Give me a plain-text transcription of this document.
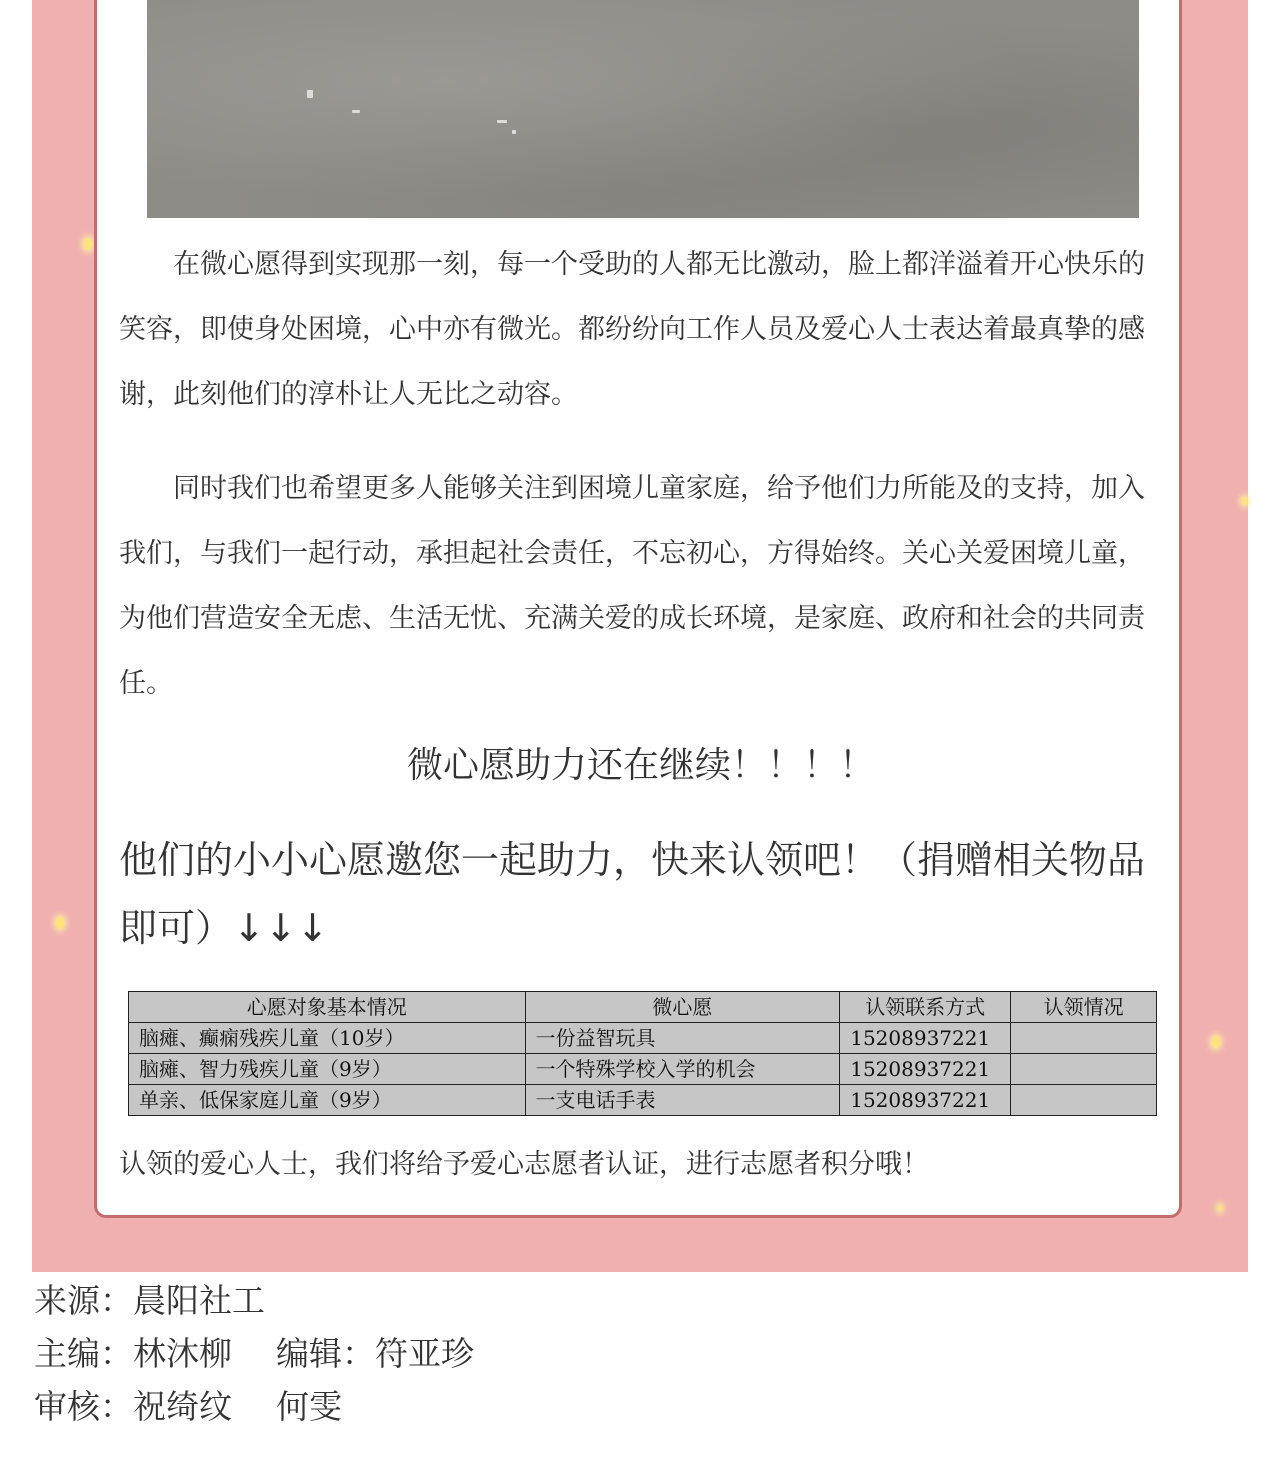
在微心愿得到实现那一刻，每一个受助的人都无比激动，脸上都洋溢着开心快乐的笑容，即使身处困境，心中亦有微光。都纷纷向工作人员及爱心人士表达着最真挚的感谢，此刻他们的淳朴让人无比之动容。

同时我们也希望更多人能够关注到困境儿童家庭，给予他们力所能及的支持，加入我们，与我们一起行动，承担起社会责任，不忘初心，方得始终。关心关爱困境儿童，为他们营造安全无虑、生活无忧、充满关爱的成长环境，是家庭、政府和社会的共同责任。

微心愿助力还在继续！！！！
他们的小小心愿邀您一起助力，快来认领吧！（捐赠相关物品即可）↓↓↓
心愿对象基本情况	微心愿	认领联系方式	认领情况
脑瘫、癫痫残疾儿童（10岁）	一份益智玩具	15208937221	
脑瘫、智力残疾儿童（9岁）	一个特殊学校入学的机会	15208937221	
单亲、低保家庭儿童（9岁）	一支电话手表	15208937221	
认领的爱心人士，我们将给予爱心志愿者认证，进行志愿者积分哦！
来源：晨阳社工
主编：林沐柳 编辑：符亚珍
审核：祝绮纹 何雯
